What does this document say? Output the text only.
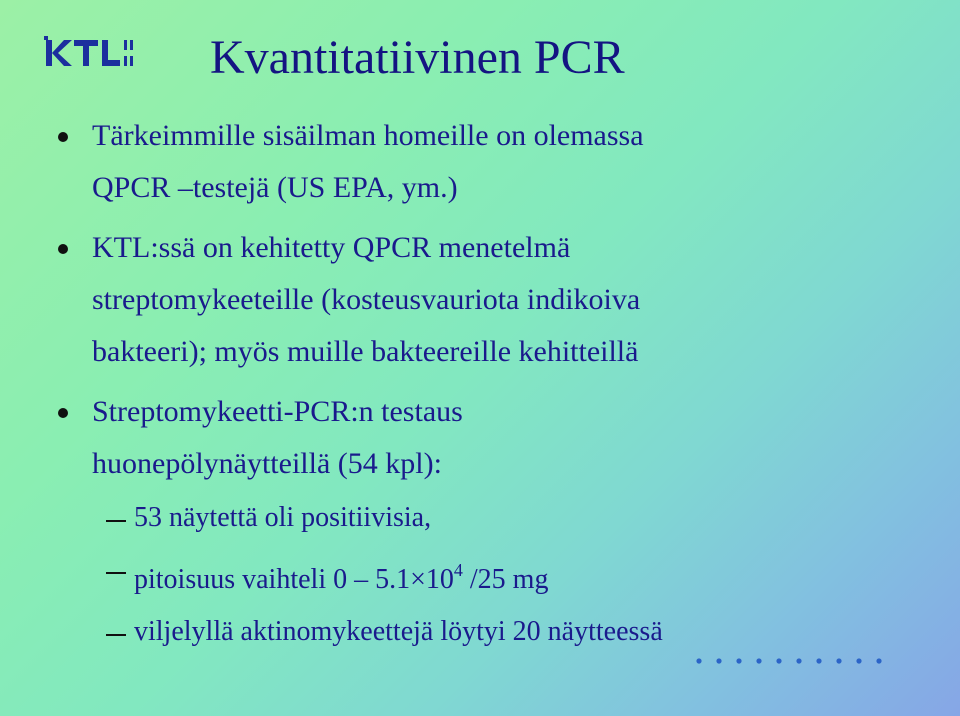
Kvantitatiivinen PCR
Tärkeimmille sisäilman homeille on olemassa
QPCR –testejä (US EPA, ym.)
KTL:ssä on kehitetty QPCR menetelmä
streptomykeeteille (kosteusvauriota indikoiva
bakteeri); myös muille bakteereille kehitteillä
Streptomykeetti-PCR:n testaus
huonepölynäytteillä (54 kpl):
53 näytettä oli positiivisia,
pitoisuus vaihteli $0 - 5.1\times 10^4$ /25 mg
viljelyllä aktinomykeettejä löytyi 20 näytteessä
